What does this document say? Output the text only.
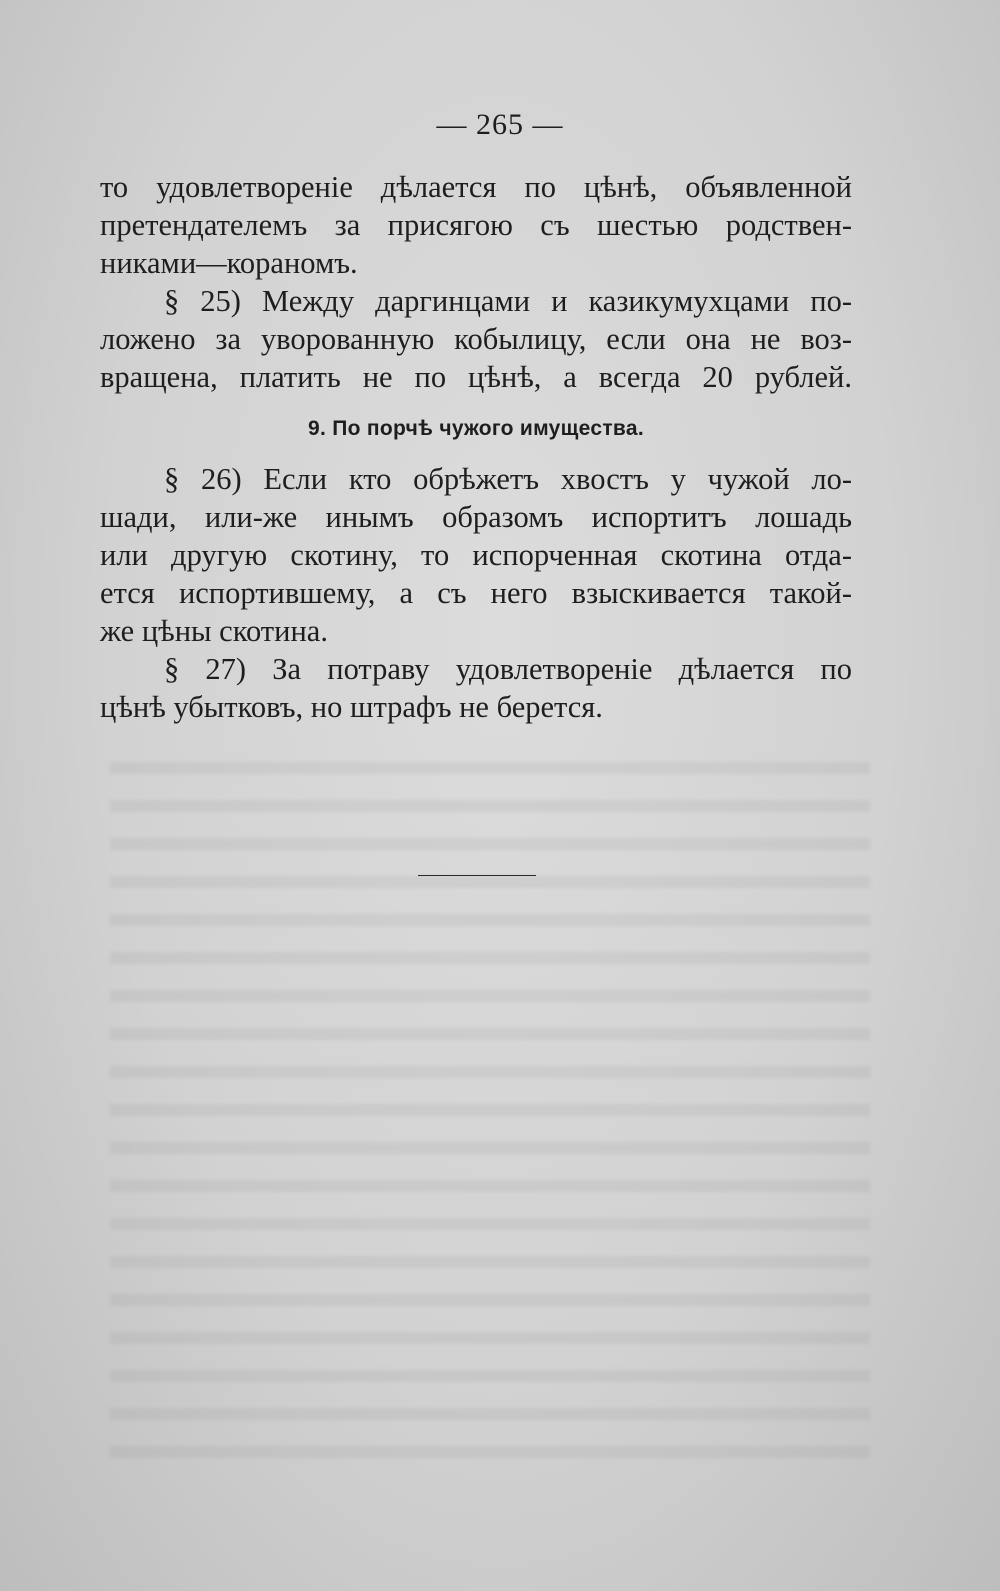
— 265 —

то удовлетвореніе дѣлается по цѣнѣ, объявленной
претендателемъ за присягою съ шестью родствен-
никами—кораномъ.

§ 25) Между даргинцами и казикумухцами по-
ложено за уворованную кобылицу, если она не воз-
вращена, платить не по цѣнѣ, а всегда 20 рублей.

9. По порчѣ чужого имущества.

§ 26) Если кто обрѣжетъ хвостъ у чужой ло-
шади, или-же инымъ образомъ испортитъ лошадь
или другую скотину, то испорченная скотина отда-
ется испортившему, а съ него взыскивается такой-
же цѣны скотина.

§ 27) За потраву удовлетвореніе дѣлается по
цѣнѣ убытковъ, но штрафъ не берется.
